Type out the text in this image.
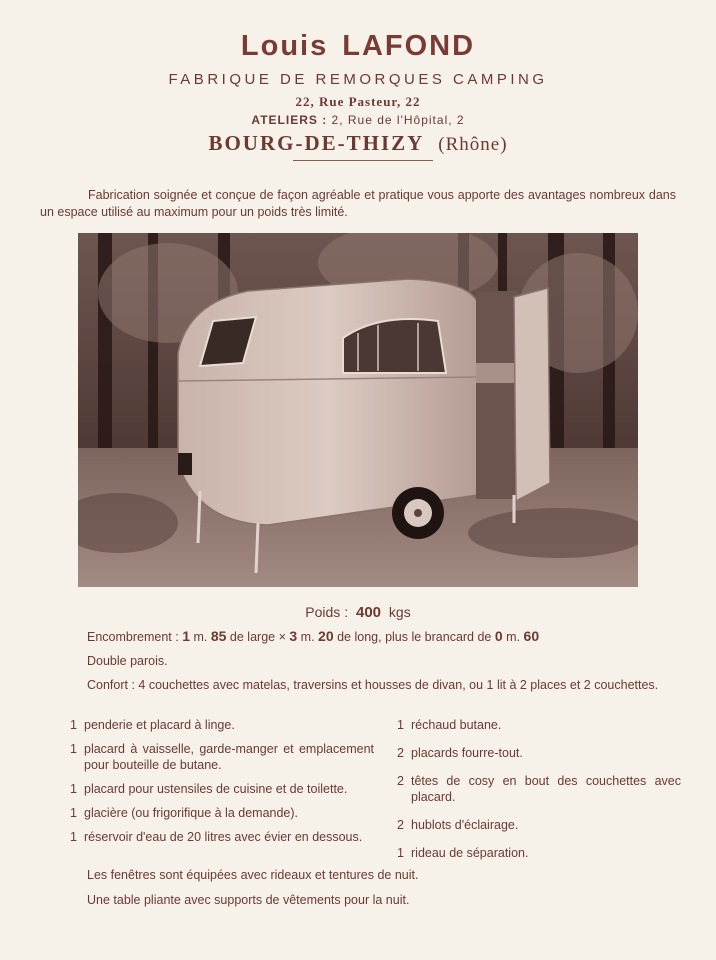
Louis LAFOND
FABRIQUE DE REMORQUES CAMPING
22, Rue Pasteur, 22
ATELIERS : 2, Rue de l'Hôpital, 2
BOURG-DE-THIZY (Rhône)
Fabrication soignée et conçue de façon agréable et pratique vous apporte des avantages nombreux dans un espace utilisé au maximum pour un poids très limité.
Poids : 400 kgs
Encombrement : 1 m. 85 de large × 3 m. 20 de long, plus le brancard de 0 m. 60
Double parois.
Confort : 4 couchettes avec matelas, traversins et housses de divan, ou 1 lit à 2 places et 2 couchettes.
1 penderie et placard à linge.
1 placard à vaisselle, garde-manger et emplacement pour bouteille de butane.
1 placard pour ustensiles de cuisine et de toilette.
1 glacière (ou frigorifique à la demande).
1 réservoir d'eau de 20 litres avec évier en dessous.
1 réchaud butane.
2 placards fourre-tout.
2 têtes de cosy en bout des couchettes avec placard.
2 hublots d'éclairage.
1 rideau de séparation.
Les fenêtres sont équipées avec rideaux et tentures de nuit.
Une table pliante avec supports de vêtements pour la nuit.
